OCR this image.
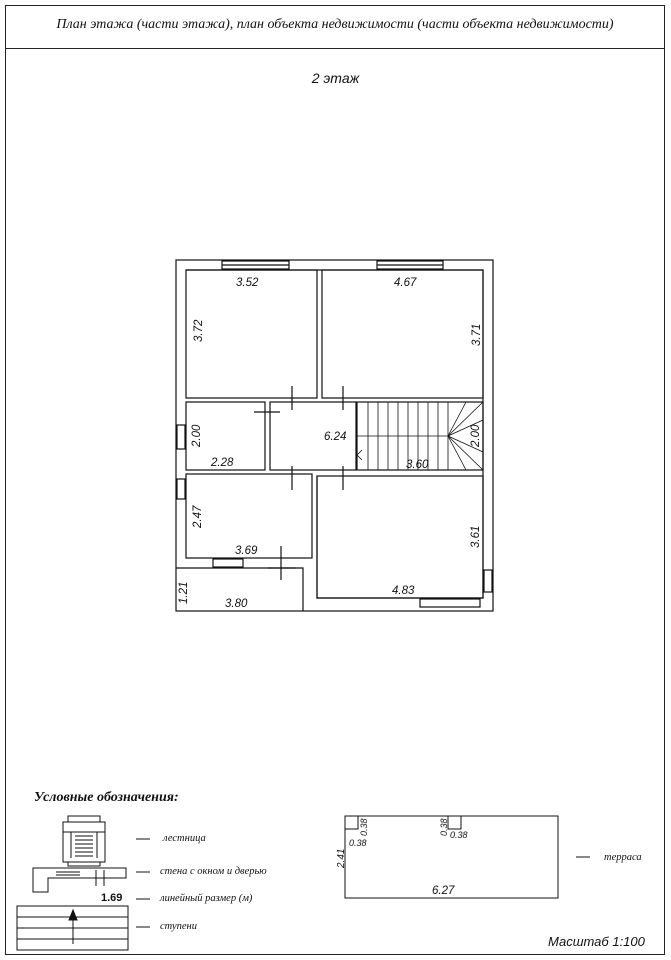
План этажа (части этажа), план объекта недвижимости (части объекта недвижимости)
2 этаж
3.52	4.67
3.72	3.71
2.00
2.28
6.24
3.60
2.00
2.47
3.69
3.61
4.83
1.21	3.80
2.41
6.27
0.38
0.38
0.38 0.38
Условные обозначения:
лестница
стена с окном и дверью
1.69	линейный размер (м)
ступени
терраса
Масштаб 1:100
